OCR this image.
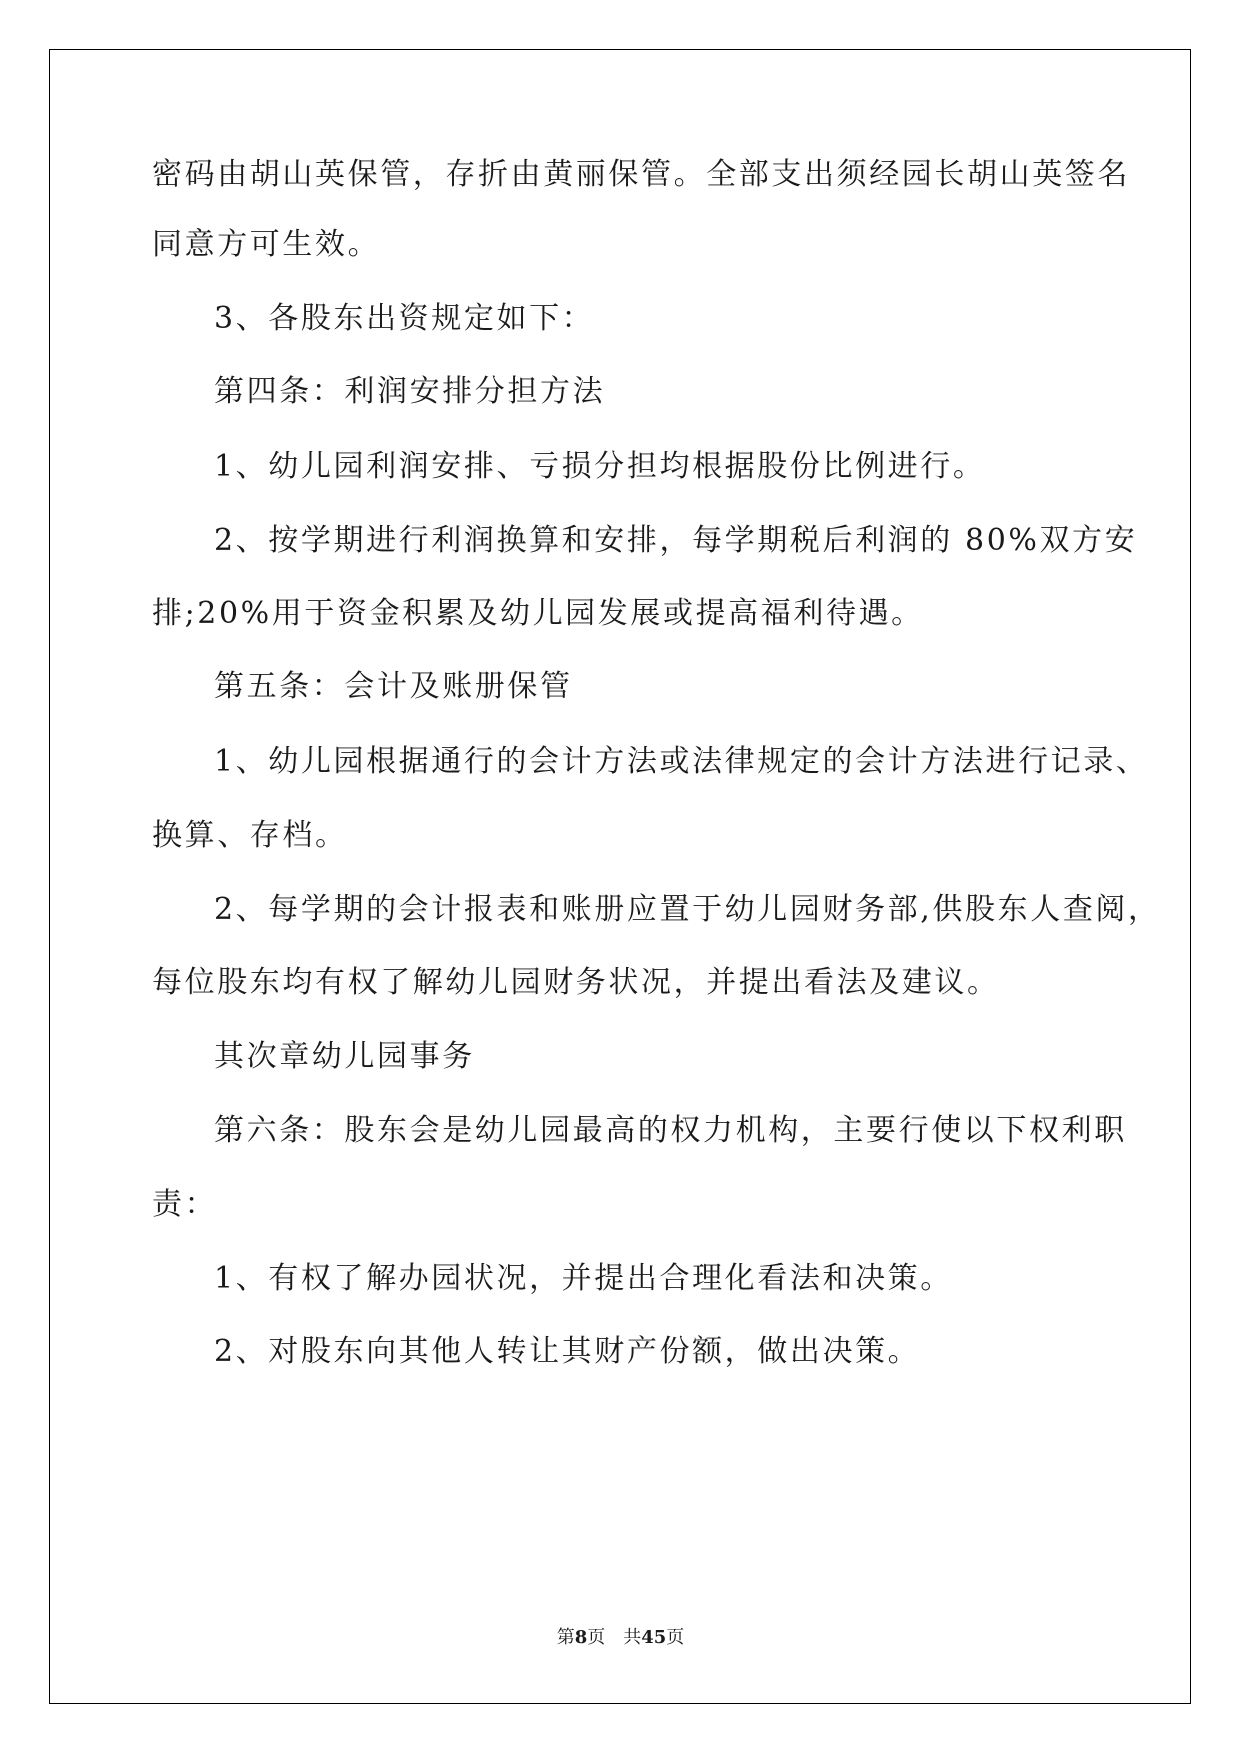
密码由胡山英保管，存折由黄丽保管。全部支出须经园长胡山英签名
同意方可生效。
3、各股东出资规定如下：
第四条：利润安排分担方法
1、幼儿园利润安排、亏损分担均根据股份比例进行。
2、按学期进行利润换算和安排，每学期税后利润的 80%双方安
排;20%用于资金积累及幼儿园发展或提高福利待遇。
第五条：会计及账册保管
1、幼儿园根据通行的会计方法或法律规定的会计方法进行记录、
换算、存档。
2、每学期的会计报表和账册应置于幼儿园财务部,供股东人查阅，
每位股东均有权了解幼儿园财务状况，并提出看法及建议。
其次章幼儿园事务
第六条：股东会是幼儿园最高的权力机构，主要行使以下权利职
责：
1、有权了解办园状况，并提出合理化看法和决策。
2、对股东向其他人转让其财产份额，做出决策。
第8页　共45页
